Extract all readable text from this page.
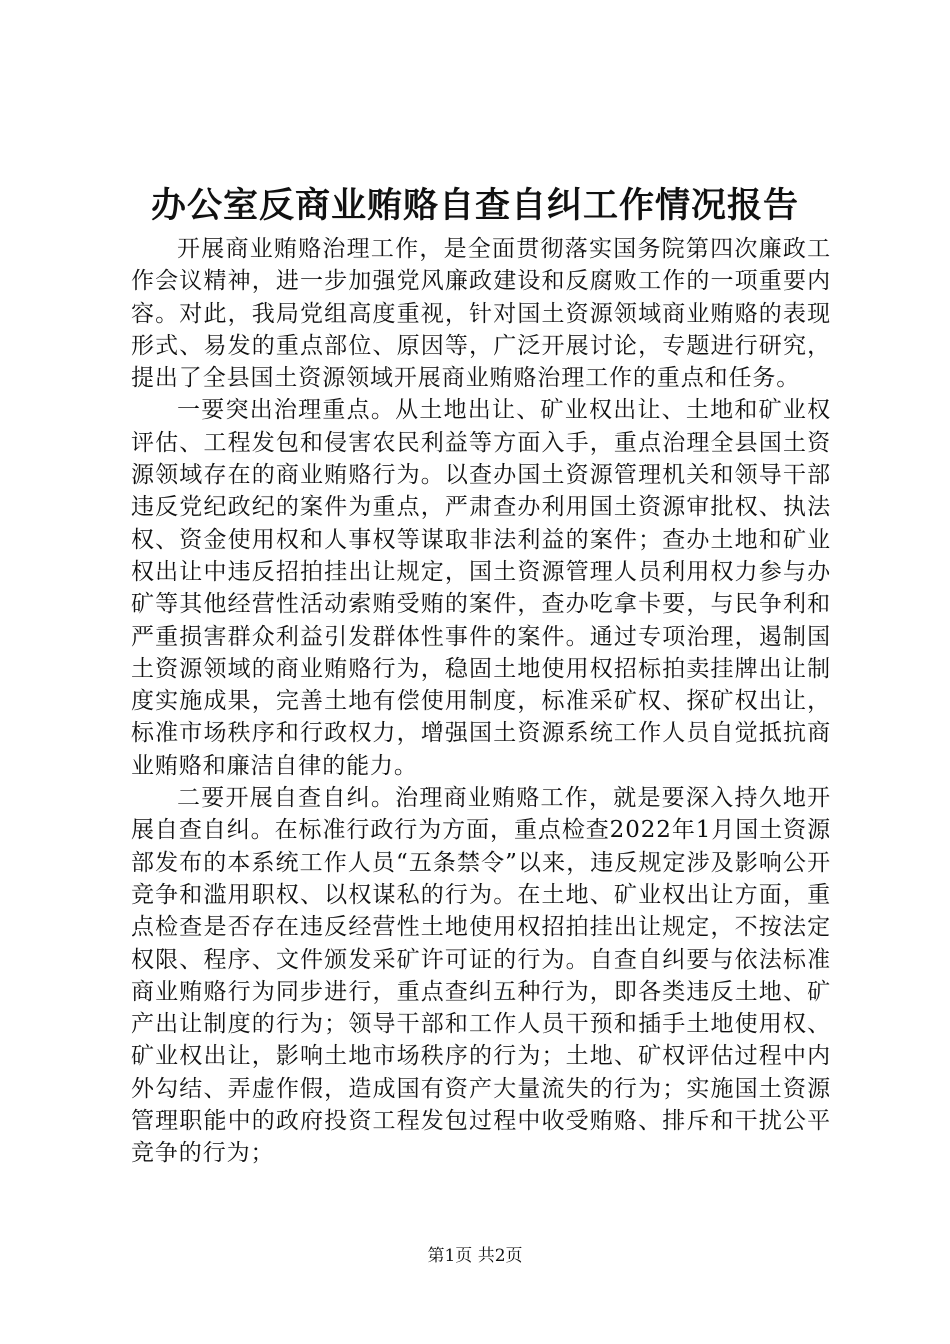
办公室反商业贿赂自查自纠工作情况报告

开展商业贿赂治理工作，是全面贯彻落实国务院第四次廉政工作会议精神，进一步加强党风廉政建设和反腐败工作的一项重要内容。对此，我局党组高度重视，针对国土资源领域商业贿赂的表现形式、易发的重点部位、原因等，广泛开展讨论，专题进行研究，提出了全县国土资源领域开展商业贿赂治理工作的重点和任务。

一要突出治理重点。从土地出让、矿业权出让、土地和矿业权评估、工程发包和侵害农民利益等方面入手，重点治理全县国土资源领域存在的商业贿赂行为。以查办国土资源管理机关和领导干部违反党纪政纪的案件为重点，严肃查办利用国土资源审批权、执法权、资金使用权和人事权等谋取非法利益的案件；查办土地和矿业权出让中违反招拍挂出让规定，国土资源管理人员利用权力参与办矿等其他经营性活动索贿受贿的案件，查办吃拿卡要，与民争利和严重损害群众利益引发群体性事件的案件。通过专项治理，遏制国土资源领域的商业贿赂行为，稳固土地使用权招标拍卖挂牌出让制度实施成果，完善土地有偿使用制度，标准采矿权、探矿权出让，标准市场秩序和行政权力，增强国土资源系统工作人员自觉抵抗商业贿赂和廉洁自律的能力。

二要开展自查自纠。治理商业贿赂工作，就是要深入持久地开展自查自纠。在标准行政行为方面，重点检查2022年1月国土资源部发布的本系统工作人员“五条禁令”以来，违反规定涉及影响公开竞争和滥用职权、以权谋私的行为。在土地、矿业权出让方面，重点检查是否存在违反经营性土地使用权招拍挂出让规定，不按法定权限、程序、文件颁发采矿许可证的行为。自查自纠要与依法标准商业贿赂行为同步进行，重点查纠五种行为，即各类违反土地、矿产出让制度的行为；领导干部和工作人员干预和插手土地使用权、矿业权出让，影响土地市场秩序的行为；土地、矿权评估过程中内外勾结、弄虚作假，造成国有资产大量流失的行为；实施国土资源管理职能中的政府投资工程发包过程中收受贿赂、排斥和干扰公平竞争的行为；

第1页 共2页
